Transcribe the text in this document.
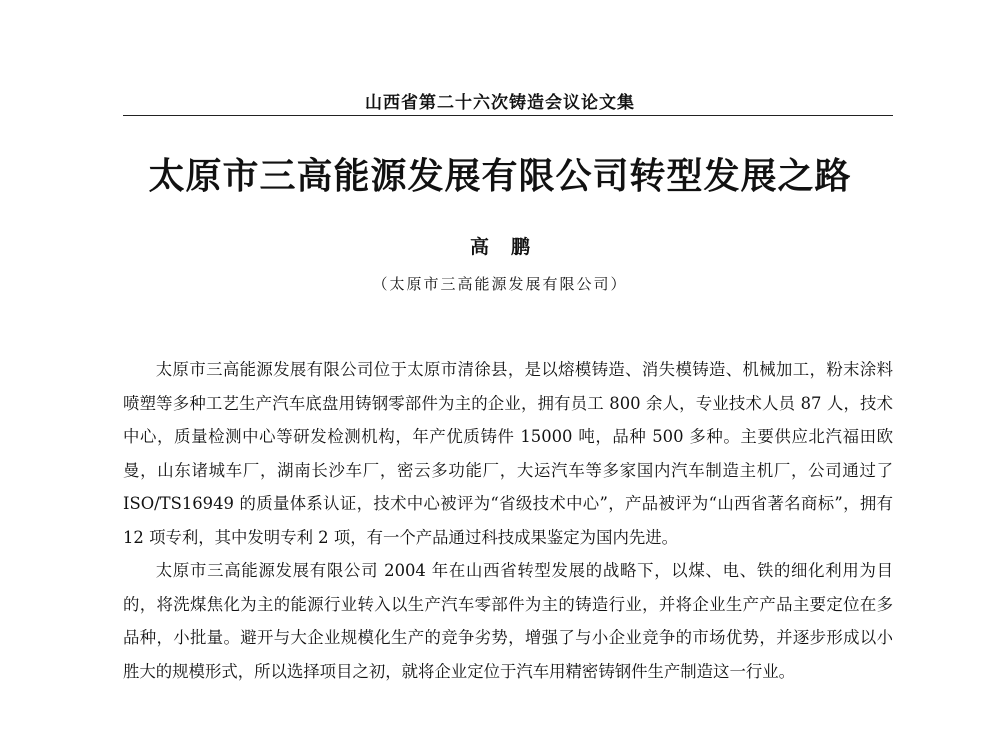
山西省第二十六次铸造会议论文集
太原市三高能源发展有限公司转型发展之路
高鹏
（太原市三高能源发展有限公司）

太原市三高能源发展有限公司位于太原市清徐县，是以熔模铸造、消失模铸造、机械加工，粉末涂料喷塑等多种工艺生产汽车底盘用铸钢零部件为主的企业，拥有员工 800 余人，专业技术人员 87 人，技术中心，质量检测中心等研发检测机构，年产优质铸件 15000 吨，品种 500 多种。主要供应北汽福田欧曼，山东诸城车厂，湖南长沙车厂，密云多功能厂，大运汽车等多家国内汽车制造主机厂，公司通过了 ISO/TS16949 的质量体系认证，技术中心被评为“省级技术中心”，产品被评为“山西省著名商标”，拥有 12 项专利，其中发明专利 2 项，有一个产品通过科技成果鉴定为国内先进。

太原市三高能源发展有限公司 2004 年在山西省转型发展的战略下，以煤、电、铁的细化利用为目的，将洗煤焦化为主的能源行业转入以生产汽车零部件为主的铸造行业，并将企业生产产品主要定位在多品种，小批量。避开与大企业规模化生产的竞争劣势，增强了与小企业竞争的市场优势，并逐步形成以小胜大的规模形式，所以选择项目之初，就将企业定位于汽车用精密铸钢件生产制造这一行业。
